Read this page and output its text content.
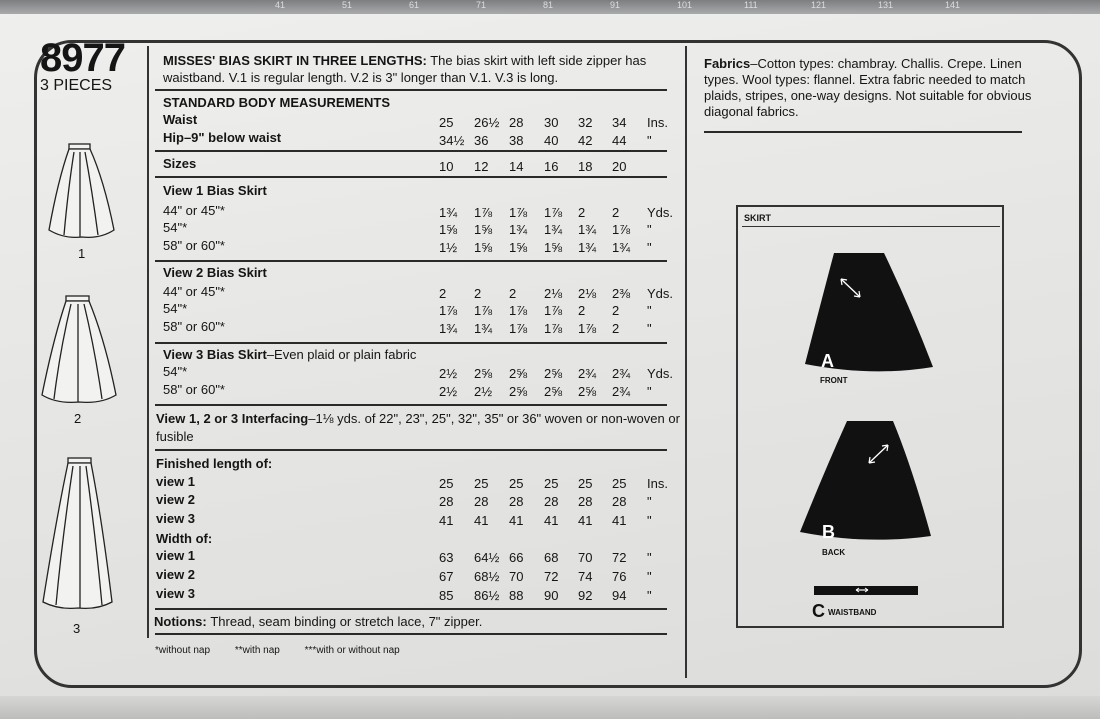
41	51	61	71	81	91	101	111	121	131	141
8977
3 PIECES
1
2
3
MISSES' BIAS SKIRT IN THREE LENGTHS: The bias skirt with left side zipper has waistband. V.1 is regular length. V.2 is 3" longer than V.1. V.3 is long.
STANDARD BODY MEASUREMENTS
Waist	25 26½ 28 30 32 34 Ins.
Hip–9" below waist	34½ 36 38 40 42 44 "
Sizes	10 12 14 16 18 20
View 1 Bias Skirt
44" or 45"*	1¾ 1⅞ 1⅞ 1⅞ 2 2 Yds.
54"*	1⅝ 1⅝ 1¾ 1¾ 1¾ 1⅞ "
58" or 60"*	1½ 1⅝ 1⅝ 1⅝ 1¾ 1¾ "
View 2 Bias Skirt
44" or 45"*	2 2 2 2⅛ 2⅛ 2⅜ Yds.
54"*	1⅞ 1⅞ 1⅞ 1⅞ 2 2 "
58" or 60"*	1¾ 1¾ 1⅞ 1⅞ 1⅞ 2 "
View 3 Bias Skirt–Even plaid or plain fabric
54"*	2½ 2⅝ 2⅝ 2⅝ 2¾ 2¾ Yds.
58" or 60"*	2½ 2½ 2⅝ 2⅝ 2⅝ 2¾ "
View 1, 2 or 3 Interfacing–1⅛ yds. of 22", 23", 25", 32", 35" or 36" woven or non-woven or
fusible
Finished length of:
view 1	25 25 25 25 25 25 Ins.
view 2	28 28 28 28 28 28 "
view 3	41 41 41 41 41 41 "
Width of:
view 1	63 64½ 66 68 70 72 "
view 2	67 68½ 70 72 74 76 "
view 3	85 86½ 88 90 92 94 "
Notions: Thread, seam binding or stretch lace, 7" zipper.
*without nap **with nap ***with or without nap
Fabrics–Cotton types: chambray. Challis. Crepe. Linen types. Wool types: flannel. Extra fabric needed to match plaids, stripes, one-way designs. Not suitable for obvious diagonal fabrics.
SKIRT
A
FRONT
B
BACK
C WAISTBAND
